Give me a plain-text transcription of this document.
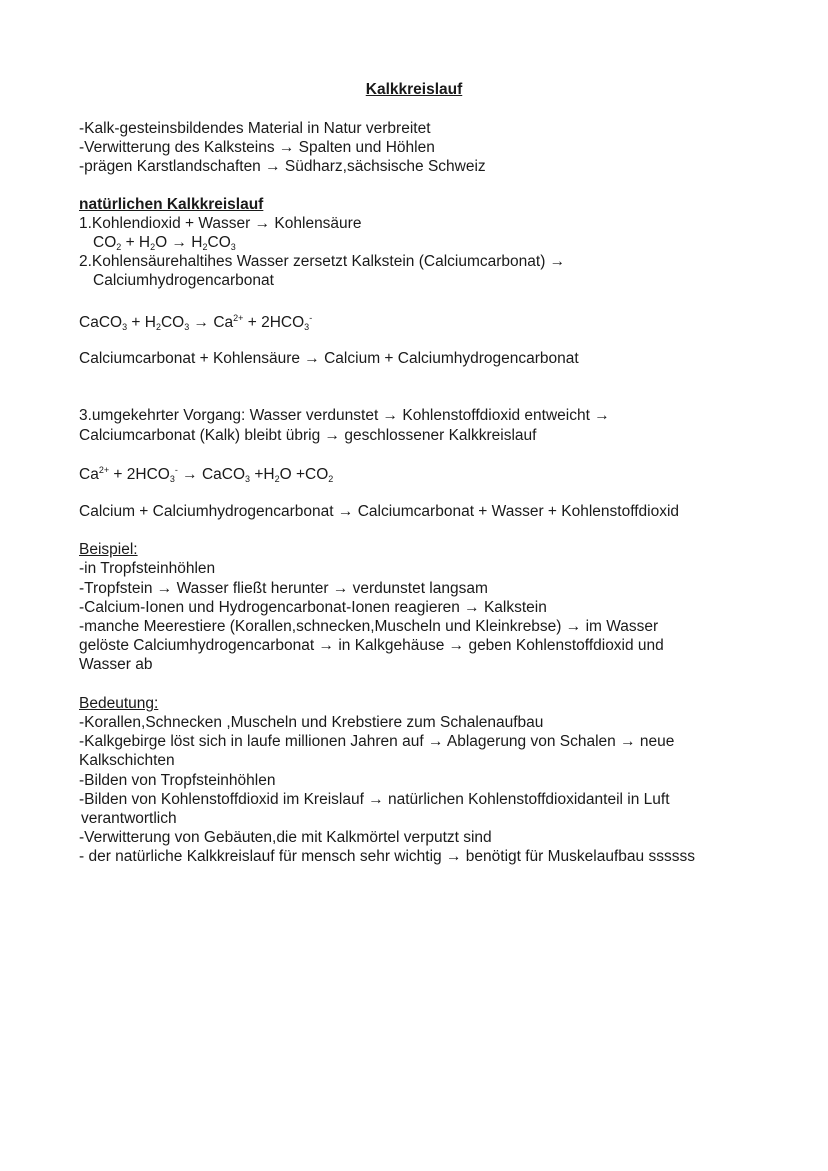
Kalkkreislauf
-Kalk-gesteinsbildendes Material in Natur verbreitet
-Verwitterung des Kalksteins → Spalten und Höhlen
-prägen Karstlandschaften → Südharz,sächsische Schweiz
natürlichen Kalkkreislauf
1.Kohlendioxid + Wasser → Kohlensäure
$CO_2 + H_2O \to H_2CO_3$
2.Kohlensäurehaltihes Wasser zersetzt Kalkstein (Calciumcarbonat) →
Calciumhydrogencarbonat
CaCO$_3$ + $H_2CO_3 \to Ca^{2+} + 2HCO_3^-$
Calciumcarbonat + Kohlensäure → Calcium + Calciumhydrogencarbonat
3.umgekehrter Vorgang: Wasser verdunstet → Kohlenstoffdioxid entweicht →
Calciumcarbonat (Kalk) bleibt übrig → geschlossener Kalkkreislauf
$Ca^{2+} + 2HCO_3^-$ → CaCO$_3$ $+H_2O +CO_2$
Calcium + Calciumhydrogencarbonat → Calciumcarbonat + Wasser + Kohlenstoffdioxid
Beispiel:
-in Tropfsteinhöhlen
-Tropfstein → Wasser fließt herunter → verdunstet langsam
-Calcium-Ionen und Hydrogencarbonat-Ionen reagieren → Kalkstein
-manche Meerestiere (Korallen,schnecken,Muscheln und Kleinkrebse) → im Wasser
gelöste Calciumhydrogencarbonat → in Kalkgehäuse → geben Kohlenstoffdioxid und
Wasser ab
Bedeutung:
-Korallen,Schnecken ,Muscheln und Krebstiere zum Schalenaufbau
-Kalkgebirge löst sich in laufe millionen Jahren auf → Ablagerung von Schalen → neue
Kalkschichten
-Bilden von Tropfsteinhöhlen
-Bilden von Kohlenstoffdioxid im Kreislauf → natürlichen Kohlenstoffdioxidanteil in Luft
verantwortlich
-Verwitterung von Gebäuten,die mit Kalkmörtel verputzt sind
- der natürliche Kalkkreislauf für mensch sehr wichtig → benötigt für Muskelaufbau ssssss
